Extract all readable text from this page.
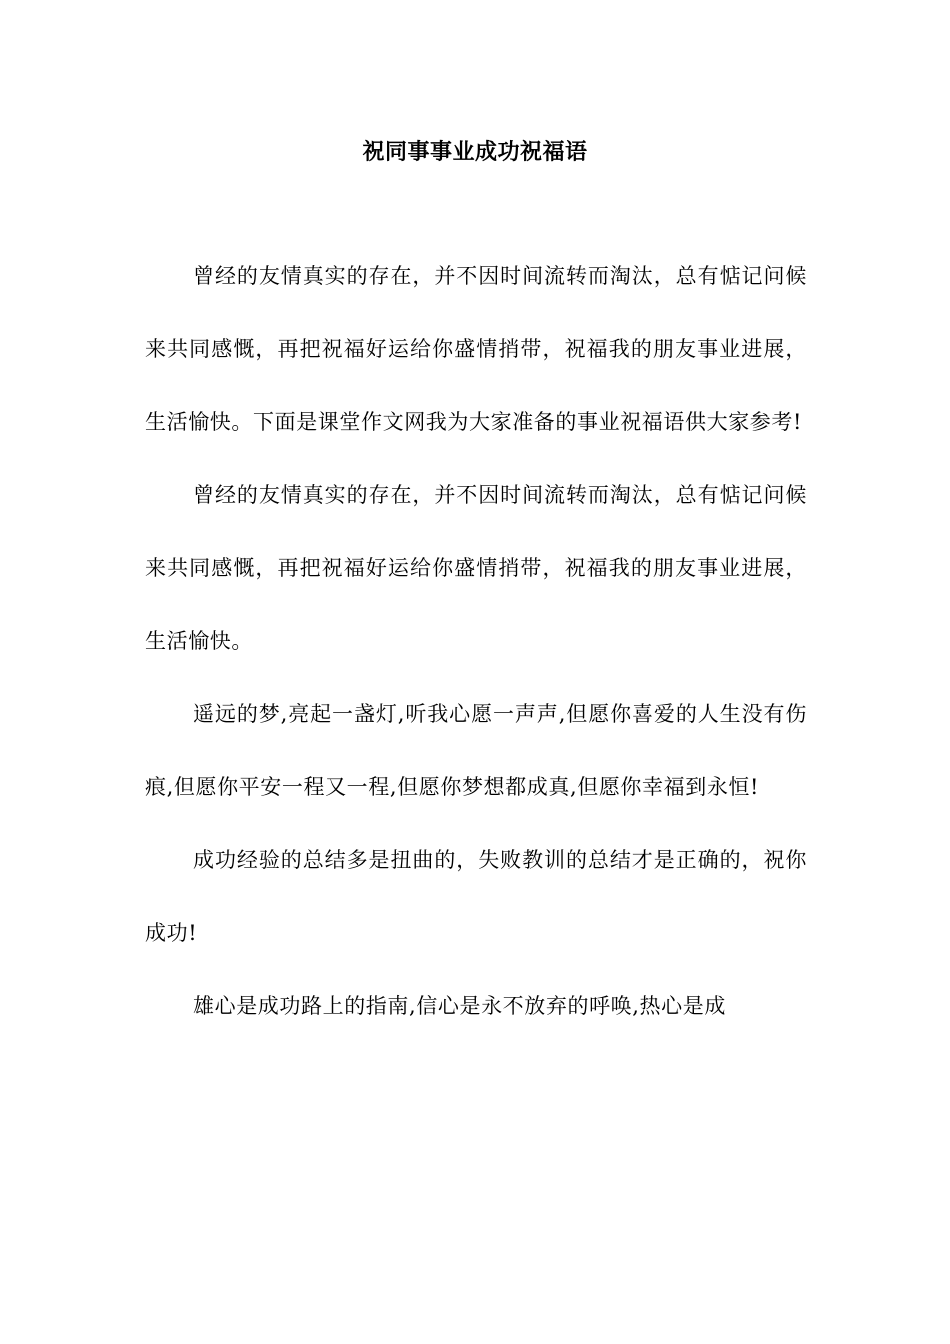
祝同事事业成功祝福语

曾经的友情真实的存在，并不因时间流转而淘汰，总有惦记问候来共同感慨，再把祝福好运给你盛情捎带，祝福我的朋友事业进展，生活愉快。下面是课堂作文网我为大家准备的事业祝福语供大家参考!

曾经的友情真实的存在，并不因时间流转而淘汰，总有惦记问候来共同感慨，再把祝福好运给你盛情捎带，祝福我的朋友事业进展，生活愉快。

遥远的梦,亮起一盏灯,听我心愿一声声,但愿你喜爱的人生没有伤痕,但愿你平安一程又一程,但愿你梦想都成真,但愿你幸福到永恒!

成功经验的总结多是扭曲的，失败教训的总结才是正确的，祝你成功!

雄心是成功路上的指南,信心是永不放弃的呼唤,热心是成
